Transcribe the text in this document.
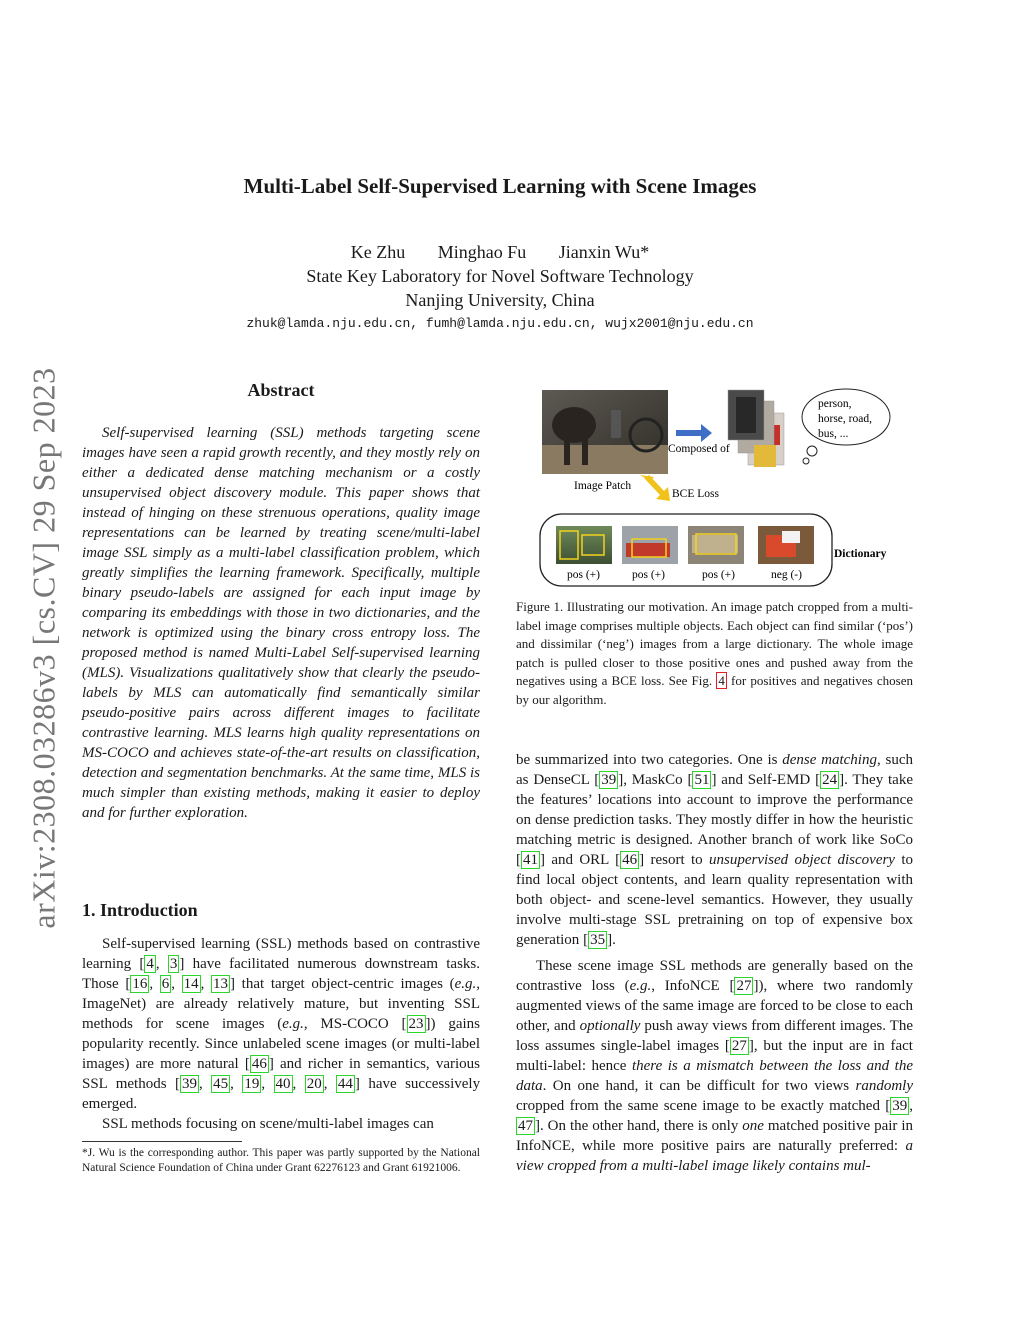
arXiv:2308.03286v3 [cs.CV] 29 Sep 2023
Multi-Label Self-Supervised Learning with Scene Images
Ke Zhu Minghao Fu Jianxin Wu*
State Key Laboratory for Novel Software Technology
Nanjing University, China
zhuk@lamda.nju.edu.cn, fumh@lamda.nju.edu.cn, wujx2001@nju.edu.cn
Abstract

Self-supervised learning (SSL) methods targeting scene images have seen a rapid growth recently, and they mostly rely on either a dedicated dense matching mechanism or a costly unsupervised object discovery module. This paper shows that instead of hinging on these strenuous operations, quality image representations can be learned by treating scene/multi-label image SSL simply as a multi-label classification problem, which greatly simplifies the learning framework. Specifically, multiple binary pseudo-labels are assigned for each input image by comparing its embeddings with those in two dictionaries, and the network is optimized using the binary cross entropy loss. The proposed method is named Multi-Label Self-supervised learning (MLS). Visualizations qualitatively show that clearly the pseudo-labels by MLS can automatically find semantically similar pseudo-positive pairs across different images to facilitate contrastive learning. MLS learns high quality representations on MS-COCO and achieves state-of-the-art results on classification, detection and segmentation benchmarks. At the same time, MLS is much simpler than existing methods, making it easier to deploy and for further exploration.

1. Introduction

Self-supervised learning (SSL) methods based on contrastive learning [ 4 , 3 ] have facilitated numerous downstream tasks. Those [ 16 , 6 , 14 , 13 ] that target object-centric images (e.g., ImageNet) are already relatively mature, but inventing SSL methods for scene images (e.g., MS-COCO [ 23 ]) gains popularity recently. Since unlabeled scene images (or multi-label images) are more natural [ 46 ] and richer in semantics, various SSL methods [ 39 , 45 , 19 , 40 , 20 , 44 ] have successively emerged.

SSL methods focusing on scene/multi-label images can

*J. Wu is the corresponding author. This paper was partly supported by the National Natural Science Foundation of China under Grant 62276123 and Grant 61921006.
Composed of
person,
horse, road,
bus, ...
Image Patch
BCE Loss
Dictionary
pos (+)	pos (+)	pos (+)	neg (-)
Figure 1. Illustrating our motivation. An image patch cropped from a multi-label image comprises multiple objects. Each object can find similar (‘pos’) and dissimilar (‘neg’) images from a large dictionary. The whole image patch is pulled closer to those positive ones and pushed away from the negatives using a BCE loss. See Fig. 4 for positives and negatives chosen by our algorithm.

be summarized into two categories. One is dense matching, such as DenseCL [ 39 ], MaskCo [ 51 ] and Self-EMD [ 24 ]. They take the features’ locations into account to improve the performance on dense prediction tasks. They mostly differ in how the heuristic matching metric is designed. Another branch of work like SoCo [ 41 ] and ORL [ 46 ] resort to unsupervised object discovery to find local object contents, and learn quality representation with both object- and scene-level semantics. However, they usually involve multi-stage SSL pretraining on top of expensive box generation [ 35 ].

These scene image SSL methods are generally based on the contrastive loss (e.g., InfoNCE [ 27 ]), where two randomly augmented views of the same image are forced to be close to each other, and optionally push away views from different images. The loss assumes single-label images [ 27 ], but the input are in fact multi-label: hence there is a mismatch between the loss and the data. On one hand, it can be difficult for two views randomly cropped from the same scene image to be exactly matched [ 39 , 47 ]. On the other hand, there is only one matched positive pair in InfoNCE, while more positive pairs are naturally preferred: a view cropped from a multi-label image likely contains mul-
